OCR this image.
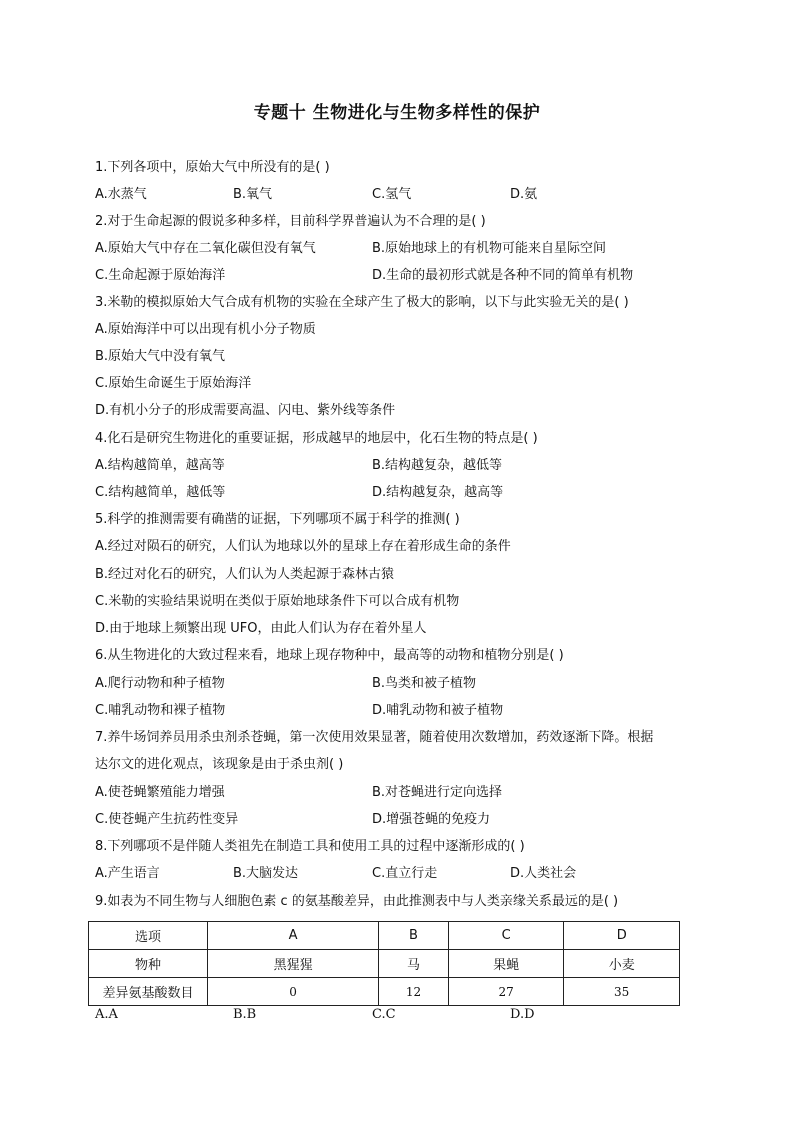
专题十 生物进化与生物多样性的保护
1.下列各项中，原始大气中所没有的是( )
A.水蒸气	B.氧气	C.氢气	D.氨
2.对于生命起源的假说多种多样，目前科学界普遍认为不合理的是( )
A.原始大气中存在二氧化碳但没有氧气	B.原始地球上的有机物可能来自星际空间
C.生命起源于原始海洋	D.生命的最初形式就是各种不同的简单有机物
3.米勒的模拟原始大气合成有机物的实验在全球产生了极大的影响，以下与此实验无关的是( )
A.原始海洋中可以出现有机小分子物质
B.原始大气中没有氧气
C.原始生命诞生于原始海洋
D.有机小分子的形成需要高温、闪电、紫外线等条件
4.化石是研究生物进化的重要证据，形成越早的地层中，化石生物的特点是( )
A.结构越简单，越高等	B.结构越复杂，越低等
C.结构越简单，越低等	D.结构越复杂，越高等
5.科学的推测需要有确凿的证据，下列哪项不属于科学的推测( )
A.经过对陨石的研究，人们认为地球以外的星球上存在着形成生命的条件
B.经过对化石的研究，人们认为人类起源于森林古猿
C.米勒的实验结果说明在类似于原始地球条件下可以合成有机物
D.由于地球上频繁出现 UFO，由此人们认为存在着外星人
6.从生物进化的大致过程来看，地球上现存物种中，最高等的动物和植物分别是( )
A.爬行动物和种子植物	B.鸟类和被子植物
C.哺乳动物和裸子植物	D.哺乳动物和被子植物
7.养牛场饲养员用杀虫剂杀苍蝇，第一次使用效果显著，随着使用次数增加，药效逐渐下降。根据
达尔文的进化观点，该现象是由于杀虫剂( )
A.使苍蝇繁殖能力增强	B.对苍蝇进行定向选择
C.使苍蝇产生抗药性变异	D.增强苍蝇的免疫力
8.下列哪项不是伴随人类祖先在制造工具和使用工具的过程中逐渐形成的( )
A.产生语言	B.大脑发达	C.直立行走	D.人类社会
9.如表为不同生物与人细胞色素 c 的氨基酸差异，由此推测表中与人类亲缘关系最远的是( )
选项	A	B	C	D
物种	黑猩猩	马	果蝇	小麦
差异氨基酸数目	0	12	27	35
A.A	B.B	C.C	D.D
